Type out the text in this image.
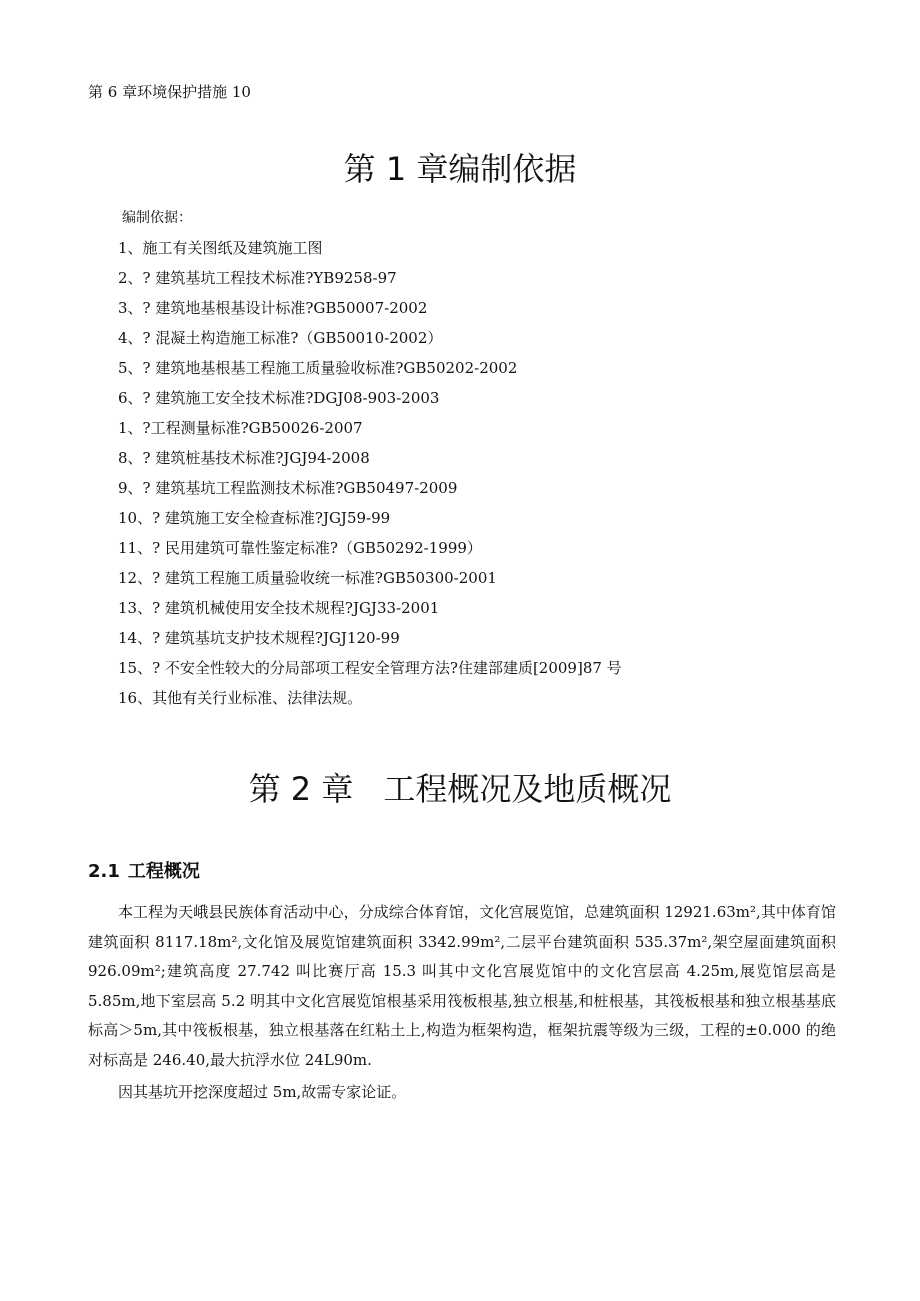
第 6 章环境保护措施 10
第 1 章编制依据
编制依据：
1、施工有关图纸及建筑施工图
2、? 建筑基坑工程技术标准?YB9258-97
3、? 建筑地基根基设计标准?GB50007-2002
4、? 混凝土构造施工标准?（GB50010-2002）
5、? 建筑地基根基工程施工质量验收标准?GB50202-2002
6、? 建筑施工安全技术标准?DGJ08-903-2003
1、?工程测量标准?GB50026-2007
8、? 建筑桩基技术标准?JGJ94-2008
9、? 建筑基坑工程监测技术标准?GB50497-2009
10、? 建筑施工安全检查标准?JGJ59-99
11、? 民用建筑可靠性鉴定标准?（GB50292-1999）
12、? 建筑工程施工质量验收统一标准?GB50300-2001
13、? 建筑机械使用安全技术规程?JGJ33-2001
14、? 建筑基坑支护技术规程?JGJ120-99
15、? 不安全性较大的分局部项工程安全管理方法?住建部建质[2009]87 号
16、其他有关行业标准、法律法规。
第 2 章 工程概况及地质概况
2.1 工程概况

本工程为天峨县民族体育活动中心，分成综合体育馆，文化宫展览馆，总建筑面积 12921.63m²,其中体育馆建筑面积 8117.18m²,文化馆及展览馆建筑面积 3342.99m²,二层平台建筑面积 535.37m²,架空屋面建筑面积 926.09m²;建筑高度 27.742 叫比赛厅高 15.3 叫其中文化宫展览馆中的文化宫层高 4.25m,展览馆层高是 5.85m,地下室层高 5.2 明其中文化宫展览馆根基采用筏板根基,独立根基,和桩根基，其筏板根基和独立根基基底标高＞5m,其中筏板根基，独立根基落在红粘土上,构造为框架构造，框架抗震等级为三级，工程的±0.000 的绝对标高是 246.40,最大抗浮水位 24L90m.

因其基坑开挖深度超过 5m,故需专家论证。
